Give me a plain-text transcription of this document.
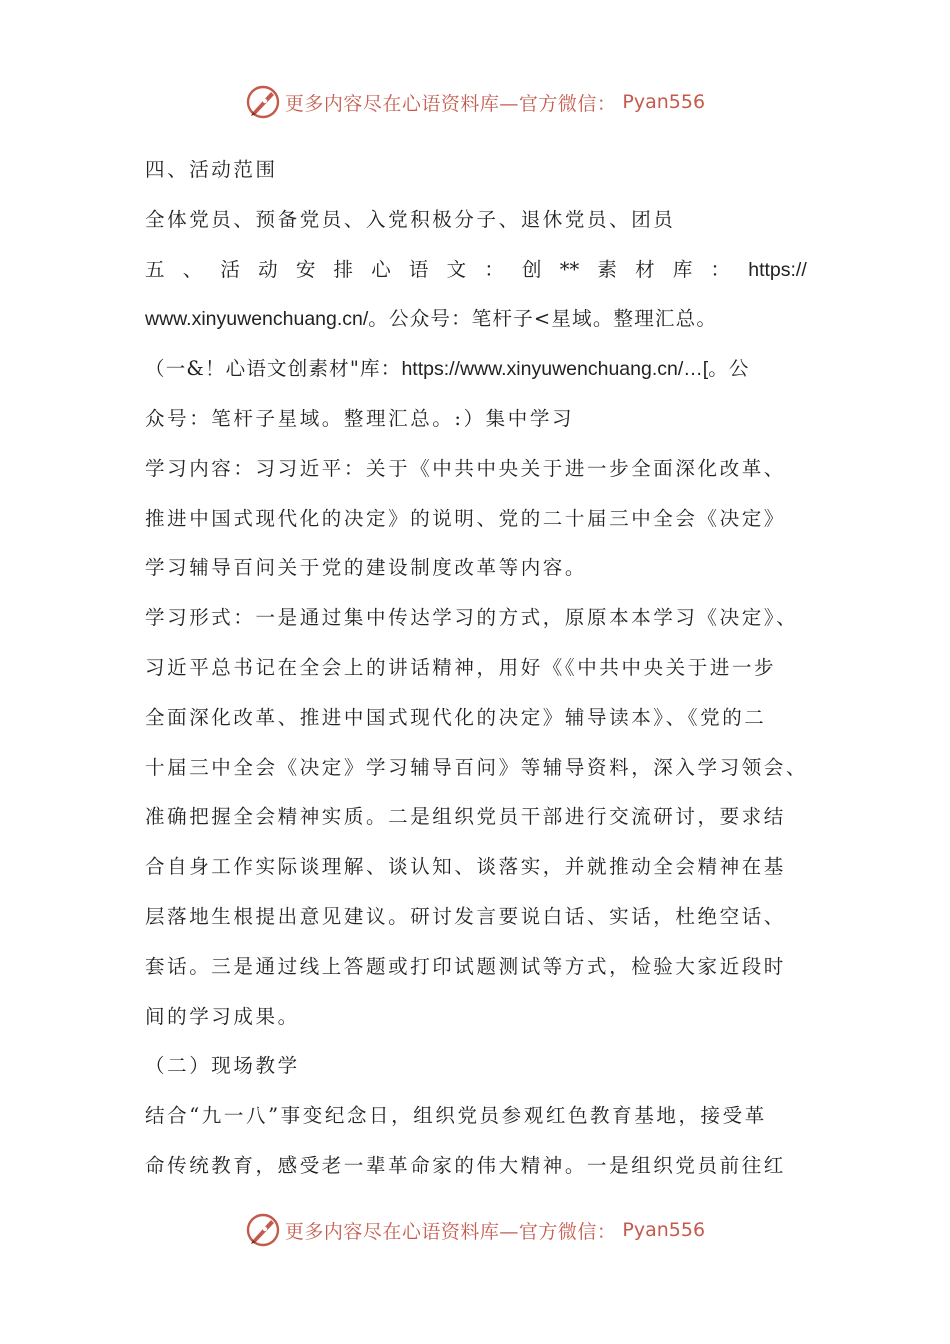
更多内容尽在心语资料库—官方微信： Pyan556
四、活动范围
全体党员、预备党员、入党积极分子、退休党员、团员
五 、 活 动 安 排 心 语 文 ： 创 ** 素 材 库 ： https://
www.xinyuwenchuang.cn/。公众号：笔杆子<星域。整理汇总。
（一&！心语文创素材"库：https://www.xinyuwenchuang.cn/…[。公
众号：笔杆子星域。整理汇总。:）集中学习
学习内容：习习近平：关于《中共中央关于进一步全面深化改革、
推进中国式现代化的决定》的说明、党的二十届三中全会《决定》
学习辅导百问关于党的建设制度改革等内容。
学习形式：一是通过集中传达学习的方式，原原本本学习《决定》、
习近平总书记在全会上的讲话精神，用好《《中共中央关于进一步
全面深化改革、推进中国式现代化的决定》辅导读本》、《党的二
十届三中全会《决定》学习辅导百问》等辅导资料，深入学习领会、
准确把握全会精神实质。二是组织党员干部进行交流研讨，要求结
合自身工作实际谈理解、谈认知、谈落实，并就推动全会精神在基
层落地生根提出意见建议。研讨发言要说白话、实话，杜绝空话、
套话。三是通过线上答题或打印试题测试等方式，检验大家近段时
间的学习成果。
（二）现场教学
结合“九一八”事变纪念日，组织党员参观红色教育基地，接受革
命传统教育，感受老一辈革命家的伟大精神。一是组织党员前往红
更多内容尽在心语资料库—官方微信： Pyan556
